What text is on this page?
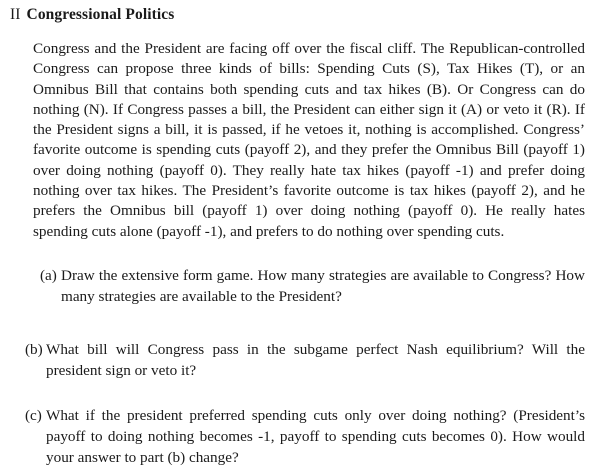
II Congressional Politics
Congress and the President are facing off over the fiscal cliff. The Republican-controlled Congress can propose three kinds of bills: Spending Cuts (S), Tax Hikes (T), or an Omnibus Bill that contains both spending cuts and tax hikes (B). Or Congress can do nothing (N). If Congress passes a bill, the President can either sign it (A) or veto it (R). If the President signs a bill, it is passed, if he vetoes it, nothing is accomplished. Congress’ favorite outcome is spending cuts (payoff 2), and they prefer the Omnibus Bill (payoff 1) over doing nothing (payoff 0). They really hate tax hikes (payoff -1) and prefer doing nothing over tax hikes. The President’s favorite outcome is tax hikes (payoff 2), and he prefers the Omnibus bill (payoff 1) over doing nothing (payoff 0). He really hates spending cuts alone (payoff -1), and prefers to do nothing over spending cuts.
(a) Draw the extensive form game. How many strategies are available to Congress? How many strategies are available to the President?
(b) What bill will Congress pass in the subgame perfect Nash equilibrium? Will the president sign or veto it?
(c) What if the president preferred spending cuts only over doing nothing? (President’s payoff to doing nothing becomes -1, payoff to spending cuts becomes 0). How would your answer to part (b) change?
